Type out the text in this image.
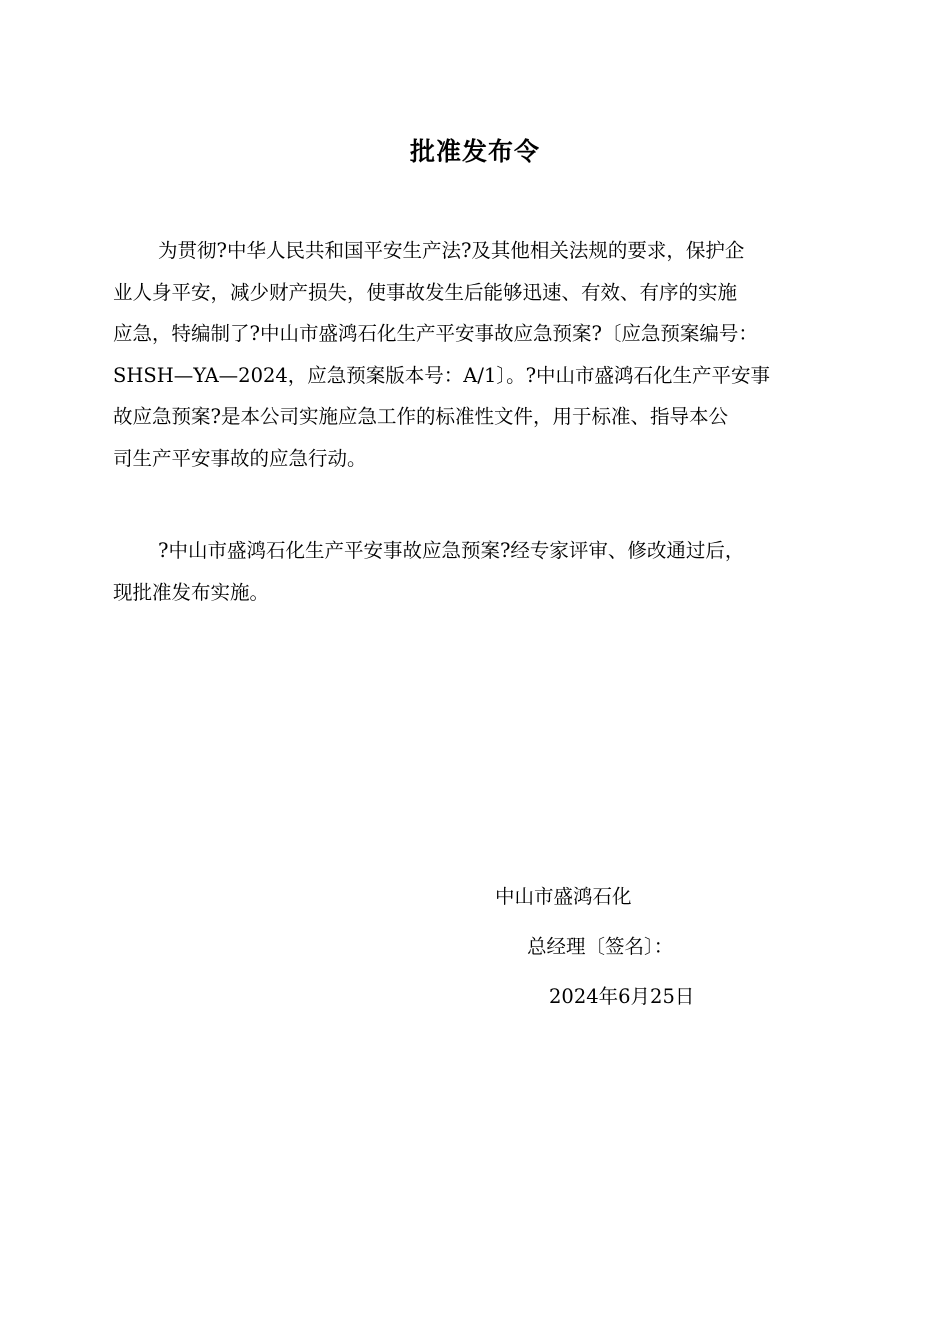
批准发布令
为贯彻?中华人民共和国平安生产法?及其他相关法规的要求，保护企
业人身平安，减少财产损失，使事故发生后能够迅速、有效、有序的实施
应急，特编制了?中山市盛鸿石化生产平安事故应急预案?〔应急预案编号：
SHSH—YA—2024，应急预案版本号：A/1〕。?中山市盛鸿石化生产平安事
故应急预案?是本公司实施应急工作的标准性文件，用于标准、指导本公
司生产平安事故的应急行动。
?中山市盛鸿石化生产平安事故应急预案?经专家评审、修改通过后，
现批准发布实施。
中山市盛鸿石化
总经理〔签名〕：
2024年6月25日
